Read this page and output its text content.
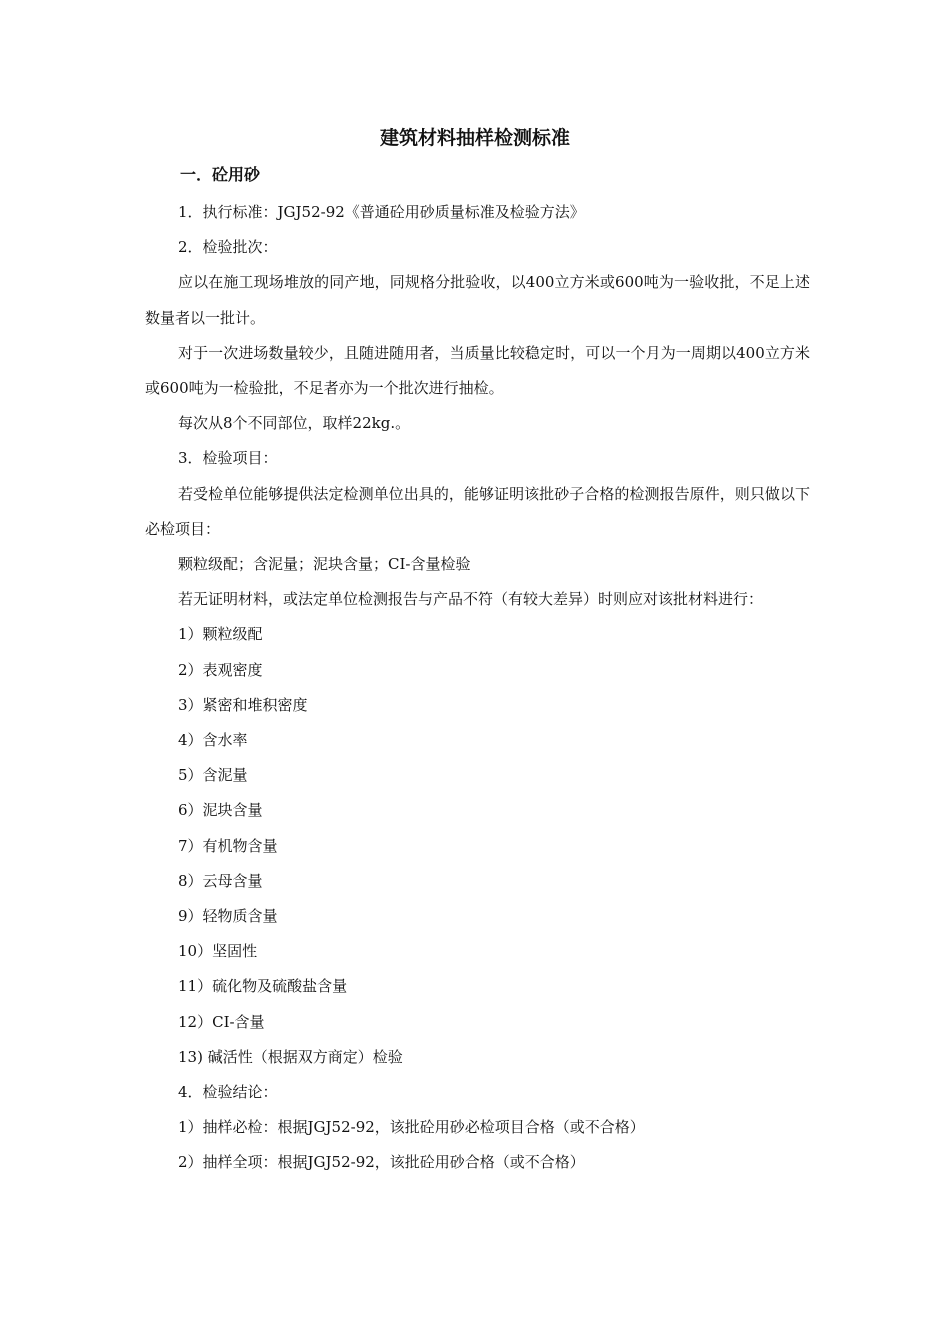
建筑材料抽样检测标准
一．砼用砂

1．执行标准：JGJ52-92《普通砼用砂质量标准及检验方法》

2．检验批次：

应以在施工现场堆放的同产地，同规格分批验收，以400立方米或600吨为一验收批，不足上述数量者以一批计。

对于一次进场数量较少，且随进随用者，当质量比较稳定时，可以一个月为一周期以400立方米或600吨为一检验批，不足者亦为一个批次进行抽检。

每次从8个不同部位，取样22kg.。

3．检验项目：

若受检单位能够提供法定检测单位出具的，能够证明该批砂子合格的检测报告原件，则只做以下必检项目：

颗粒级配；含泥量；泥块含量；CI-含量检验

若无证明材料，或法定单位检测报告与产品不符（有较大差异）时则应对该批材料进行：

1）颗粒级配

2）表观密度

3）紧密和堆积密度

4）含水率

5）含泥量

6）泥块含量

7）有机物含量

8）云母含量

9）轻物质含量

10）坚固性

11）硫化物及硫酸盐含量

12）CI-含量

13) 碱活性（根据双方商定）检验

4．检验结论：

1）抽样必检：根据JGJ52-92，该批砼用砂必检项目合格（或不合格）

2）抽样全项：根据JGJ52-92，该批砼用砂合格（或不合格）
